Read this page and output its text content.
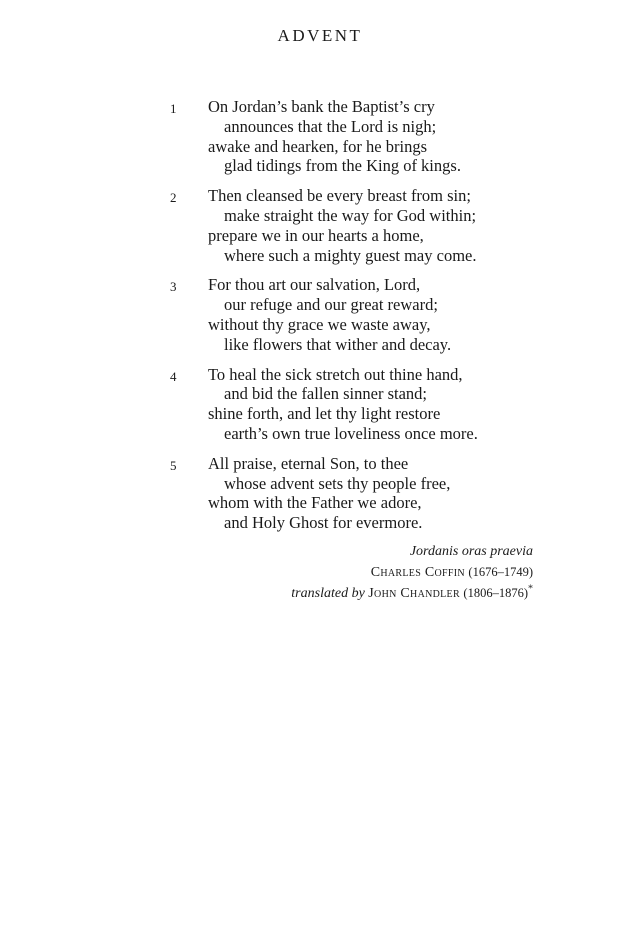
ADVENT
1	On Jordan’s bank the Baptist’s cry
announces that the Lord is nigh;
awake and hearken, for he brings
glad tidings from the King of kings.
2	Then cleansed be every breast from sin;
make straight the way for God within;
prepare we in our hearts a home,
where such a mighty guest may come.
3	For thou art our salvation, Lord,
our refuge and our great reward;
without thy grace we waste away,
like flowers that wither and decay.
4	To heal the sick stretch out thine hand,
and bid the fallen sinner stand;
shine forth, and let thy light restore
earth’s own true loveliness once more.
5	All praise, eternal Son, to thee
whose advent sets thy people free,
whom with the Father we adore,
and Holy Ghost for evermore.
Jordanis oras praevia
Charles Coffin (1676–1749)
translated by John Chandler (1806–1876)*
